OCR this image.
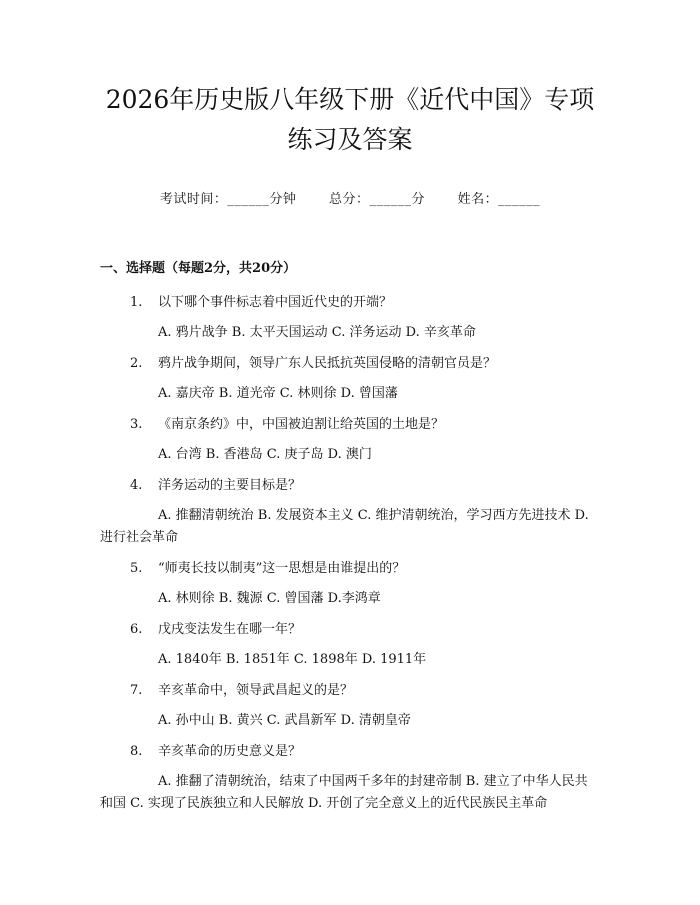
2026年历史版八年级下册《近代中国》专项
练习及答案
考试时间：______分钟	总分：______分	姓名：______
一、选择题（每题2分，共20分）
1.	以下哪个事件标志着中国近代史的开端？
A. 鸦片战争 B. 太平天国运动 C. 洋务运动 D. 辛亥革命
2.	鸦片战争期间，领导广东人民抵抗英国侵略的清朝官员是？
A. 嘉庆帝 B. 道光帝 C. 林则徐 D. 曾国藩
3.	《南京条约》中，中国被迫割让给英国的土地是？
A. 台湾 B. 香港岛 C. 庚子岛 D. 澳门
4.	洋务运动的主要目标是？
A. 推翻清朝统治 B. 发展资本主义 C. 维护清朝统治，学习西方先进技术 D. 进行社会革命
5.	“师夷长技以制夷”这一思想是由谁提出的？
A. 林则徐 B. 魏源 C. 曾国藩 D.李鸿章
6.	戊戌变法发生在哪一年？
A. 1840年 B. 1851年 C. 1898年 D. 1911年
7.	辛亥革命中，领导武昌起义的是？
A. 孙中山 B. 黄兴 C. 武昌新军 D. 清朝皇帝
8.	辛亥革命的历史意义是？
A. 推翻了清朝统治，结束了中国两千多年的封建帝制 B. 建立了中华人民共和国 C. 实现了民族独立和人民解放 D. 开创了完全意义上的近代民族民主革命
